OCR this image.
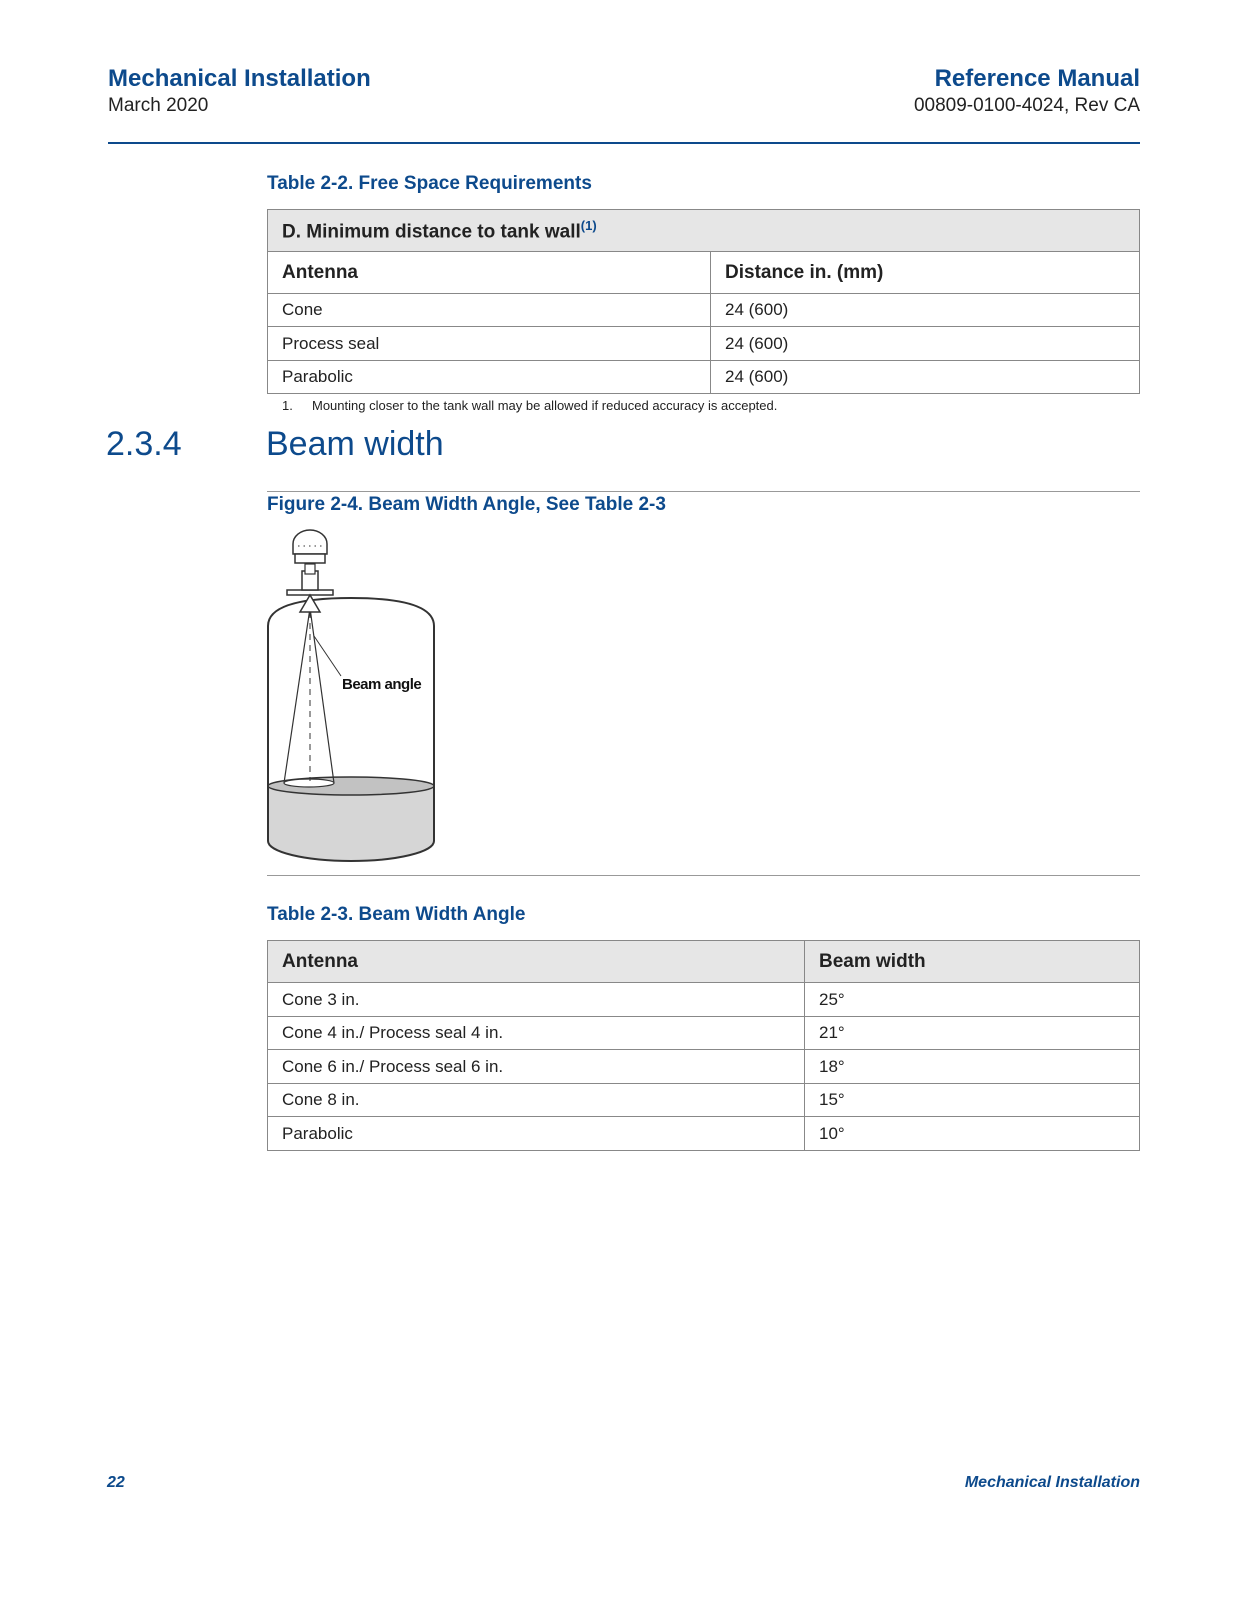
Mechanical Installation
March 2020
Reference Manual
00809-0100-4024, Rev CA
Table 2-2. Free Space Requirements
D. Minimum distance to tank wall$^{(1)}$
Antenna	Distance in. (mm)
Cone	24 (600)
Process seal	24 (600)
Parabolic	24 (600)
1. Mounting closer to the tank wall may be allowed if reduced accuracy is accepted.
2.3.4 Beam width
Figure 2-4. Beam Width Angle, See Table 2-3
Beam angle
Table 2-3. Beam Width Angle
Antenna	Beam width
Cone 3 in.	25°
Cone 4 in./ Process seal 4 in.	21°
Cone 6 in./ Process seal 6 in.	18°
Cone 8 in.	15°
Parabolic	10°
22	Mechanical Installation
